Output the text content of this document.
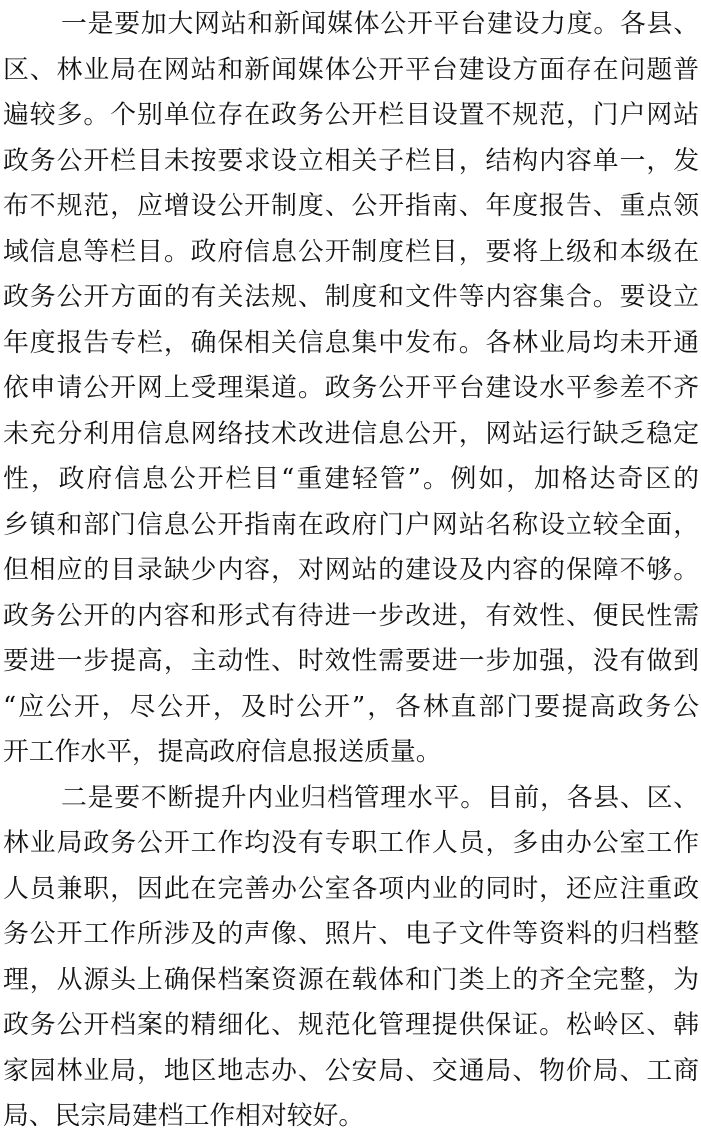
一是要加大网站和新闻媒体公开平台建设力度。各县、
区、林业局在网站和新闻媒体公开平台建设方面存在问题普
遍较多。个别单位存在政务公开栏目设置不规范，门户网站
政务公开栏目未按要求设立相关子栏目，结构内容单一，发
布不规范，应增设公开制度、公开指南、年度报告、重点领
域信息等栏目。政府信息公开制度栏目，要将上级和本级在
政务公开方面的有关法规、制度和文件等内容集合。要设立
年度报告专栏，确保相关信息集中发布。各林业局均未开通
依申请公开网上受理渠道。政务公开平台建设水平参差不齐
未充分利用信息网络技术改进信息公开，网站运行缺乏稳定
性，政府信息公开栏目“重建轻管”。例如，加格达奇区的
乡镇和部门信息公开指南在政府门户网站名称设立较全面，
但相应的目录缺少内容，对网站的建设及内容的保障不够。
政务公开的内容和形式有待进一步改进，有效性、便民性需
要进一步提高，主动性、时效性需要进一步加强，没有做到
“应公开，尽公开，及时公开”，各林直部门要提高政务公
开工作水平，提高政府信息报送质量。
二是要不断提升内业归档管理水平。目前，各县、区、
林业局政务公开工作均没有专职工作人员，多由办公室工作
人员兼职，因此在完善办公室各项内业的同时，还应注重政
务公开工作所涉及的声像、照片、电子文件等资料的归档整
理，从源头上确保档案资源在载体和门类上的齐全完整，为
政务公开档案的精细化、规范化管理提供保证。松岭区、韩
家园林业局，地区地志办、公安局、交通局、物价局、工商
局、民宗局建档工作相对较好。
